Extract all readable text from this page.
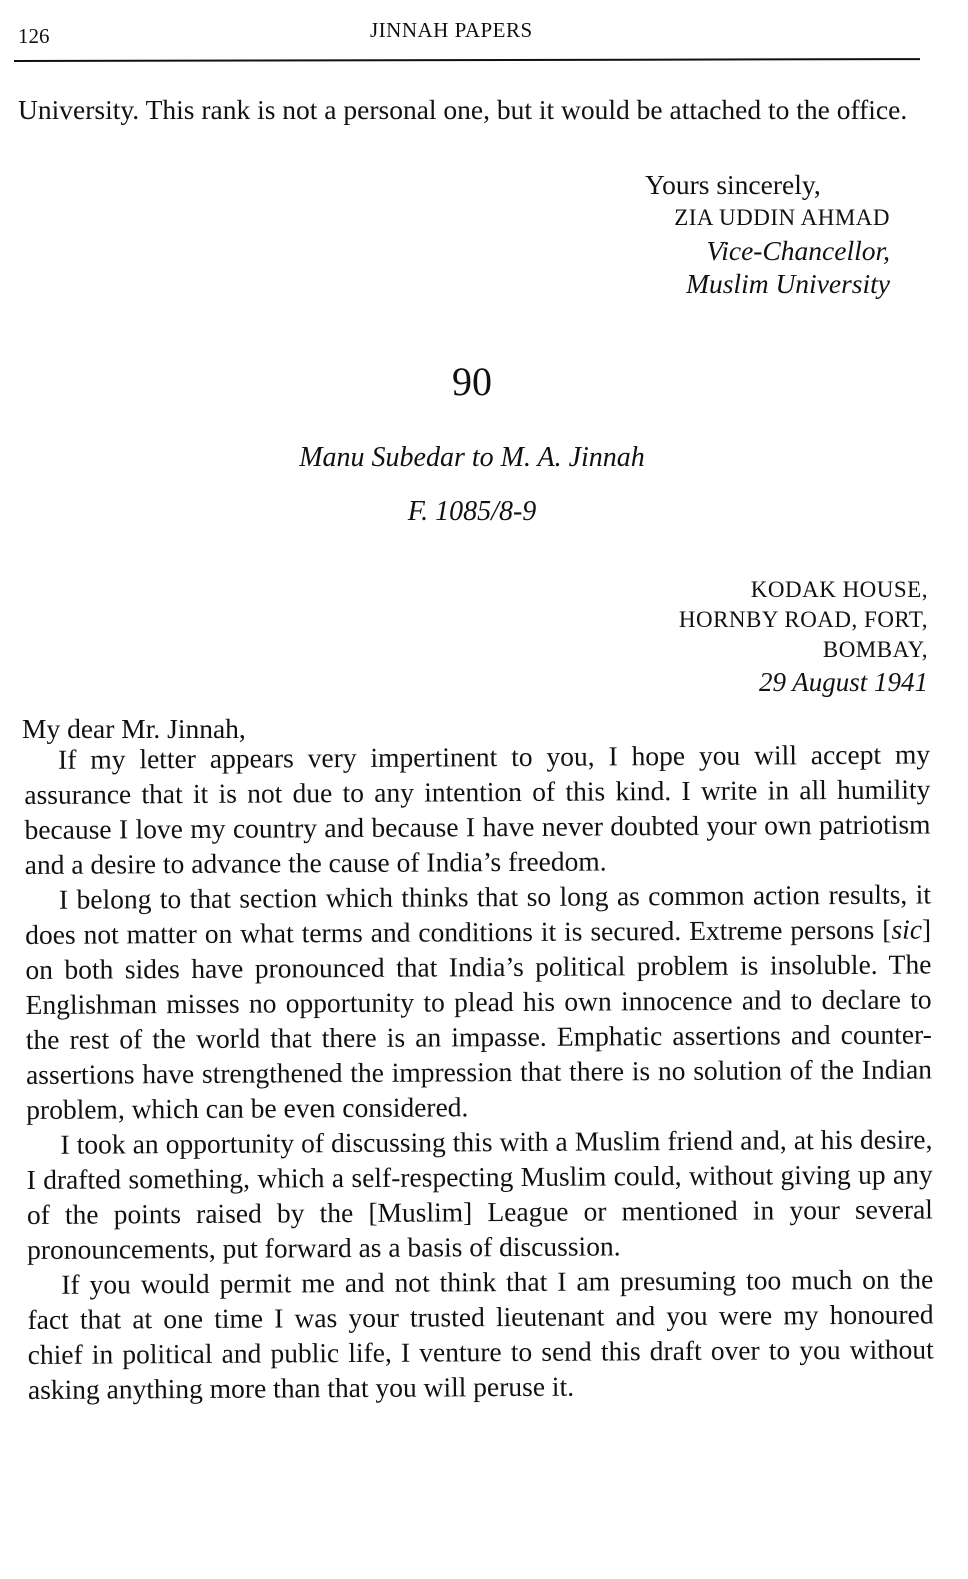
126	JINNAH PAPERS
University. This rank is not a personal one, but it would be attached to the office.
Yours sincerely,
ZIA UDDIN AHMAD
Vice-Chancellor,
Muslim University
90
Manu Subedar to M. A. Jinnah
F. 1085/8-9
KODAK HOUSE,
HORNBY ROAD, FORT,
BOMBAY,
29 August 1941
My dear Mr. Jinnah,

If my letter appears very impertinent to you, I hope you will accept my assurance that it is not due to any intention of this kind. I write in all humility because I love my country and because I have never doubted your own patriotism and a desire to advance the cause of India’s freedom.

I belong to that section which thinks that so long as common action results, it does not matter on what terms and conditions it is secured. Extreme persons [sic] on both sides have pronounced that India’s political problem is insoluble. The Englishman misses no opportunity to plead his own innocence and to declare to the rest of the world that there is an impasse. Emphatic assertions and counter-assertions have strengthened the impression that there is no solution of the Indian problem, which can be even considered.

I took an opportunity of discussing this with a Muslim friend and, at his desire, I drafted something, which a self-respecting Muslim could, without giving up any of the points raised by the [Muslim] League or mentioned in your several pronouncements, put forward as a basis of discussion.

If you would permit me and not think that I am presuming too much on the fact that at one time I was your trusted lieutenant and you were my honoured chief in political and public life, I venture to send this draft over to you without asking anything more than that you will peruse it.
